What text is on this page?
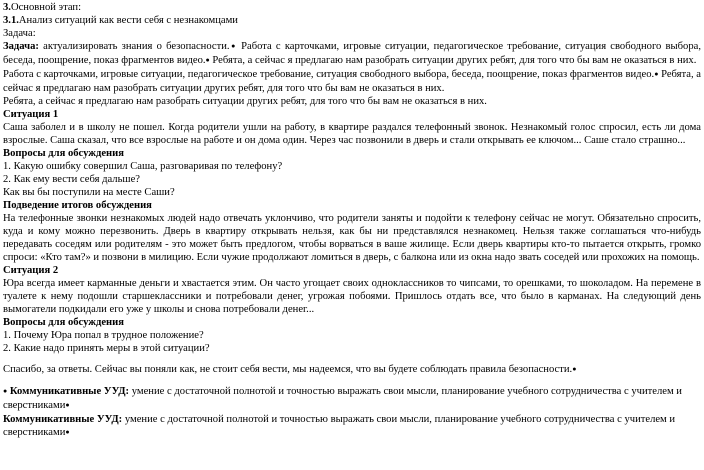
3.Основной этап:
3.1.Анализ ситуаций как вести себя с незнакомцами
Задача:
Задача: актуализировать знания о безопасности.● Работа с карточками, игровые ситуации, педагогическое требование, ситуация свободного выбора, беседа, поощрение, показ фрагментов видео.● Ребята, а сейчас я предлагаю нам разобрать ситуации других ребят, для того что бы вам не оказаться в них.
Работа с карточками, игровые ситуации, педагогическое требование, ситуация свободного выбора, беседа, поощрение, показ фрагментов видео.● Ребята, а сейчас я предлагаю нам разобрать ситуации других ребят, для того что бы вам не оказаться в них.
Ребята, а сейчас я предлагаю нам разобрать ситуации других ребят, для того что бы вам не оказаться в них.
Ситуация 1
Саша заболел и в школу не пошел. Когда родители ушли на работу, в квартире раздался телефонный звонок. Незнакомый голос спросил, есть ли дома взрослые. Саша сказал, что все взрослые на работе и он дома один. Через час позвонили в дверь и стали открывать ее ключом... Саше стало страшно...
Вопросы для обсуждения
1. Какую ошибку совершил Саша, разговаривая по телефону?
2. Как ему вести себя дальше?
Как вы бы поступили на месте Саши?
Подведение итогов обсуждения
На телефонные звонки незнакомых людей надо отвечать уклончиво, что родители заняты и подойти к телефону сейчас не могут. Обязательно спросить, куда и кому можно перезвонить. Дверь в квартиру открывать нельзя, как бы ни представлялся незнакомец. Нельзя также соглашаться что-нибудь передавать соседям или родителям - это может быть предлогом, чтобы ворваться в ваше жилище. Если дверь квартиры кто-то пытается открыть, громко спроси: «Кто там?» и позвони в милицию. Если чужие продолжают ломиться в дверь, с балкона или из окна надо звать соседей или прохожих на помощь.
Ситуация 2
Юра всегда имеет карманные деньги и хвастается этим. Он часто угощает своих одноклассников то чипсами, то орешками, то шоколадом. На перемене в туалете к нему подошли старшеклассники и потребовали денег, угрожая побоями. Пришлось отдать все, что было в карманах. На следующий день вымогатели подкидали его уже у школы и снова потребовали денег...
Вопросы для обсуждения
1. Почему Юра попал в трудное положение?
2. Какие надо принять меры в этой ситуации?
Спасибо, за ответы. Сейчас вы поняли как, не стоит себя вести, мы надеемся, что вы будете соблюдать правила безопасности.●
● Коммуникативные УУД: умение с достаточной полнотой и точностью выражать свои мысли, планирование учебного сотрудничества с учителем и сверстниками●
Коммуникативные УУД: умение с достаточной полнотой и точностью выражать свои мысли, планирование учебного сотрудничества с учителем и сверстниками●
